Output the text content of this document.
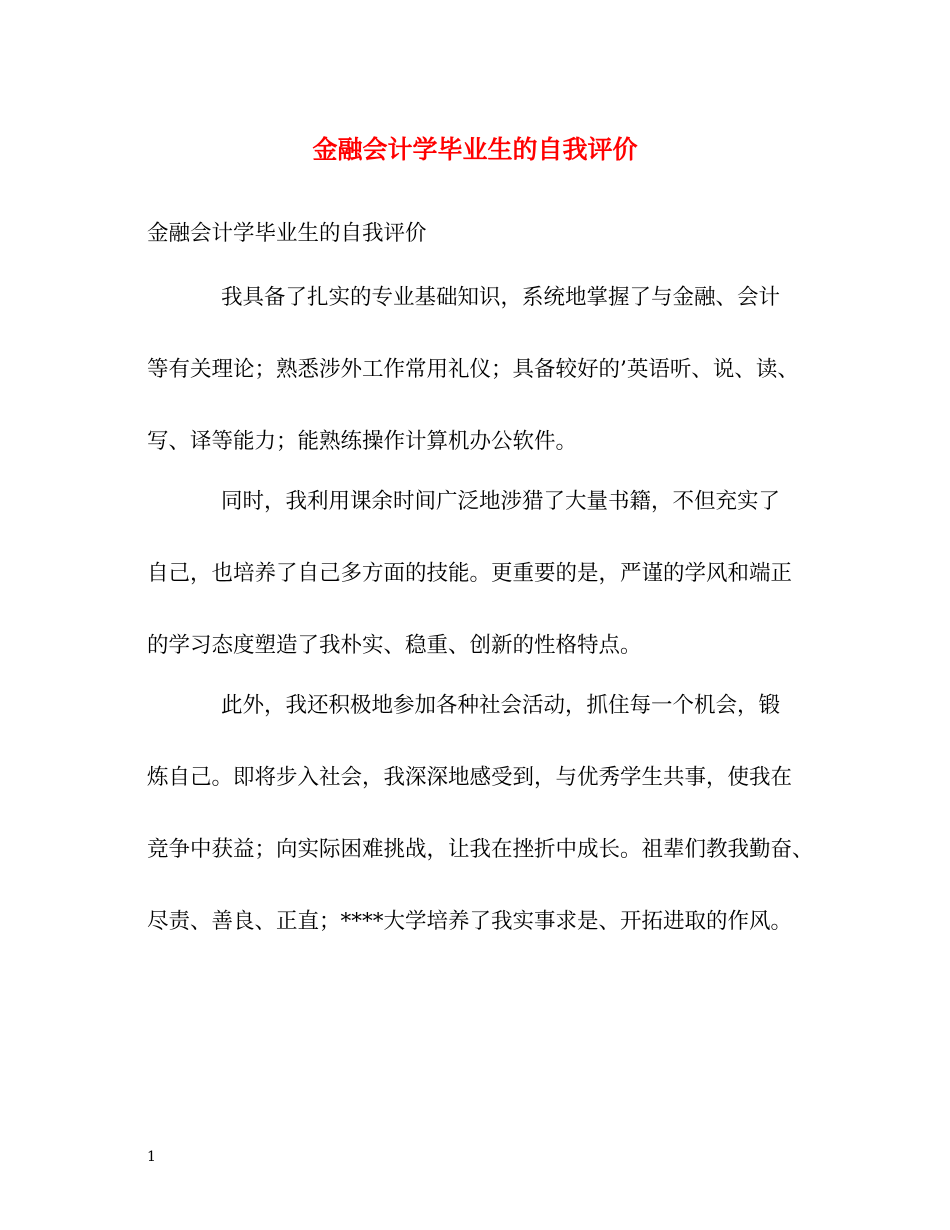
金融会计学毕业生的自我评价
金融会计学毕业生的自我评价
我具备了扎实的专业基础知识，系统地掌握了与金融、会计
等有关理论；熟悉涉外工作常用礼仪；具备较好的’英语听、说、读、
写、译等能力；能熟练操作计算机办公软件。
同时，我利用课余时间广泛地涉猎了大量书籍，不但充实了
自己，也培养了自己多方面的技能。更重要的是，严谨的学风和端正
的学习态度塑造了我朴实、稳重、创新的性格特点。
此外，我还积极地参加各种社会活动，抓住每一个机会，锻
炼自己。即将步入社会，我深深地感受到，与优秀学生共事，使我在
竞争中获益；向实际困难挑战，让我在挫折中成长。祖辈们教我勤奋、
尽责、善良、正直；****大学培养了我实事求是、开拓进取的作风。
1
